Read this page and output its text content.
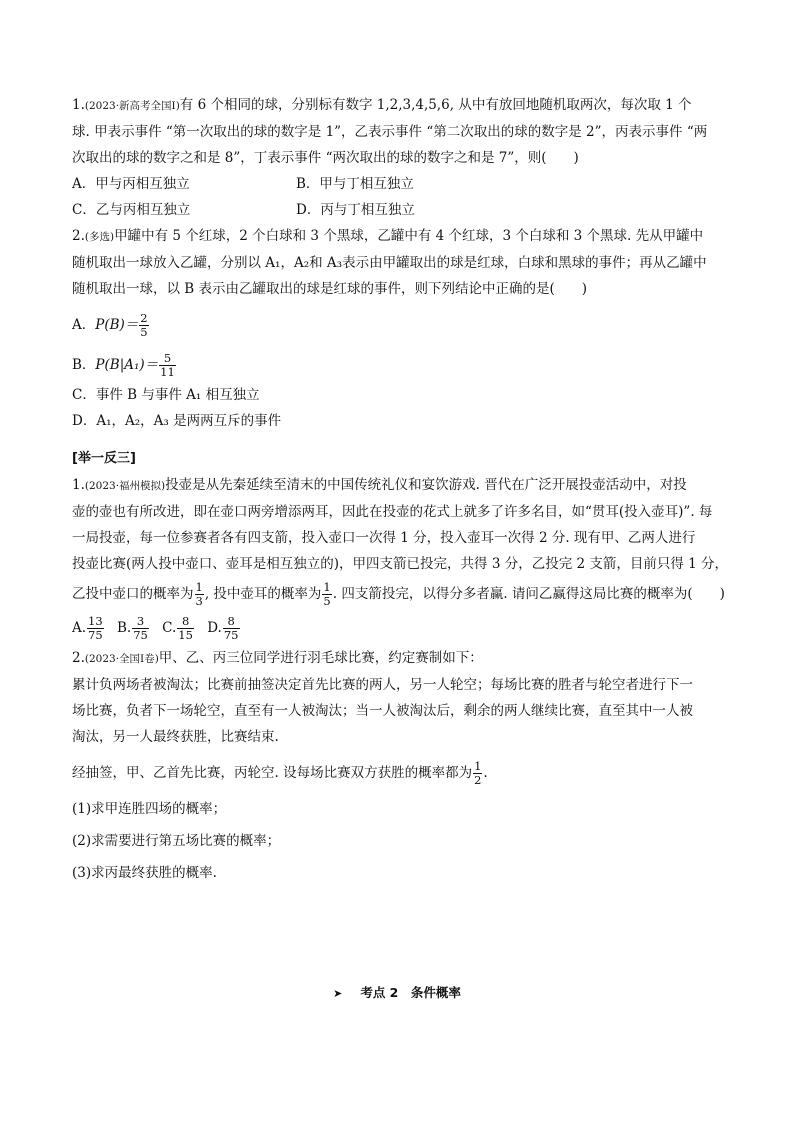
1.(2023·新高考全国Ⅰ)有 6 个相同的球，分别标有数字 1,2,3,4,5,6, 从中有放回地随机取两次，每次取 1 个
球. 甲表示事件 “第一次取出的球的数字是 1”，乙表示事件 “第二次取出的球的数字是 2”，丙表示事件 “两
次取出的球的数字之和是 8”，丁表示事件 “两次取出的球的数字之和是 7”，则(　　)
A．甲与丙相互独立	B．甲与丁相互独立
C．乙与丙相互独立	D．丙与丁相互独立
2.(多选)甲罐中有 5 个红球，2 个白球和 3 个黑球，乙罐中有 4 个红球，3 个白球和 3 个黑球. 先从甲罐中
随机取出一球放入乙罐，分别以 A₁，A₂和 A₃表示由甲罐取出的球是红球，白球和黑球的事件；再从乙罐中
随机取出一球，以 B 表示由乙罐取出的球是红球的事件，则下列结论中正确的是(　　)
A．$P(B)= \frac{2}{5}$
B．$P(B|A_1)= \frac{5}{11}$
C．事件 B 与事件 A₁ 相互独立
D．A₁，A₂，A₃ 是两两互斥的事件
[举一反三]
1.(2023·福州模拟)投壶是从先秦延续至清末的中国传统礼仪和宴饮游戏. 晋代在广泛开展投壶活动中，对投
壶的壶也有所改进，即在壶口两旁增添两耳，因此在投壶的花式上就多了许多名目，如“贯耳(投入壶耳)”. 每
一局投壶，每一位参赛者各有四支箭，投入壶口一次得 1 分，投入壶耳一次得 2 分. 现有甲、乙两人进行
投壶比赛(两人投中壶口、壶耳是相互独立的)，甲四支箭已投完，共得 3 分，乙投完 2 支箭，目前只得 1 分，
乙投中壶口的概率为 $\frac{1}{3}$ , 投中壶耳的概率为 $\frac{1}{5}$ . 四支箭投完，以得分多者赢. 请问乙赢得这局比赛的概率为(　　)
A. $\frac{13}{75} B$. $\frac{3}{75} C$. $\frac{8}{15} D$. $\frac{8}{75}$
2.(2023·全国Ⅰ卷)甲、乙、丙三位同学进行羽毛球比赛，约定赛制如下：
累计负两场者被淘汰；比赛前抽签决定首先比赛的两人，另一人轮空；每场比赛的胜者与轮空者进行下一
场比赛，负者下一场轮空，直至有一人被淘汰；当一人被淘汰后，剩余的两人继续比赛，直至其中一人被
淘汰，另一人最终获胜，比赛结束.
经抽签，甲、乙首先比赛，丙轮空. 设每场比赛双方获胜的概率都为 $\frac{1}{2}$ .
(1)求甲连胜四场的概率；
(2)求需要进行第五场比赛的概率；
(3)求丙最终获胜的概率.
➤ 考点 2　条件概率
